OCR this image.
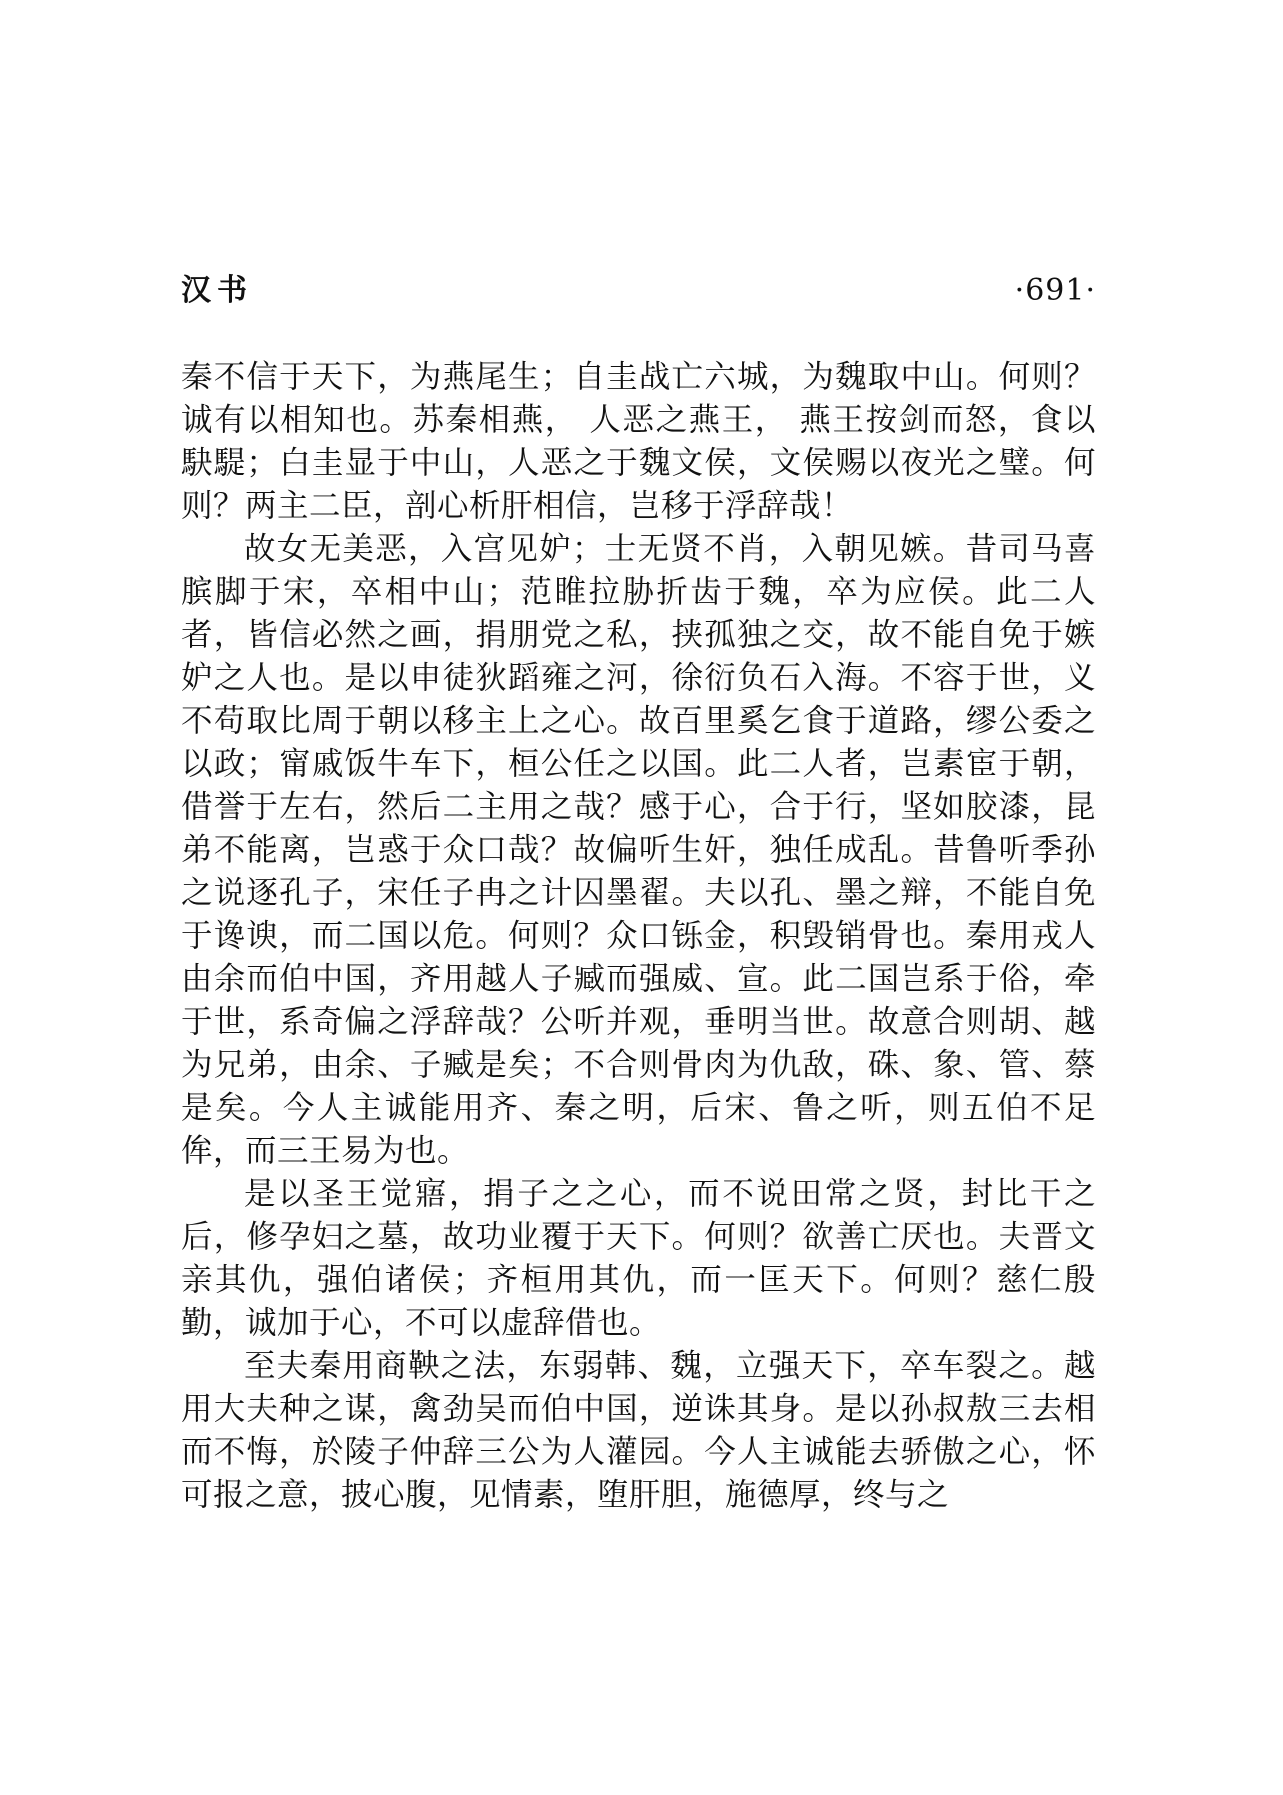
汉书	·691·

秦不信于天下，为燕尾生；自圭战亡六城，为魏取中山。何则？诚有以相知也。苏秦相燕， 人恶之燕王， 燕王按剑而怒，食以駃騠；白圭显于中山，人恶之于魏文侯，文侯赐以夜光之璧。何则？两主二臣，剖心析肝相信，岂移于浮辞哉！

故女无美恶，入宫见妒；士无贤不肖，入朝见嫉。昔司马喜膑脚于宋，卒相中山；范睢拉胁折齿于魏，卒为应侯。此二人者，皆信必然之画，捐朋党之私，挟孤独之交，故不能自免于嫉妒之人也。是以申徒狄蹈雍之河，徐衍负石入海。不容于世，义不苟取比周于朝以移主上之心。故百里奚乞食于道路，缪公委之以政；甯戚饭牛车下，桓公任之以国。此二人者，岂素宦于朝，借誉于左右，然后二主用之哉？感于心，合于行，坚如胶漆，昆弟不能离，岂惑于众口哉？故偏听生奸，独任成乱。昔鲁听季孙之说逐孔子，宋任子冉之计囚墨翟。夫以孔、墨之辩，不能自免于谗谀，而二国以危。何则？众口铄金，积毁销骨也。秦用戎人由余而伯中国，齐用越人子臧而强威、宣。此二国岂系于俗，牵于世，系奇偏之浮辞哉？公听并观，垂明当世。故意合则胡、越为兄弟，由余、子臧是矣；不合则骨肉为仇敌，硃、象、管、蔡是矣。今人主诚能用齐、秦之明，后宋、鲁之听，则五伯不足侔，而三王易为也。

是以圣王觉寤，捐子之之心，而不说田常之贤，封比干之后，修孕妇之墓，故功业覆于天下。何则？欲善亡厌也。夫晋文亲其仇，强伯诸侯；齐桓用其仇，而一匡天下。何则？慈仁殷勤，诚加于心，不可以虚辞借也。

至夫秦用商鞅之法，东弱韩、魏，立强天下，卒车裂之。越用大夫种之谋，禽劲吴而伯中国，逆诛其身。是以孙叔敖三去相而不悔，於陵子仲辞三公为人灌园。今人主诚能去骄傲之心，怀可报之意，披心腹，见情素，堕肝胆，施德厚，终与之
